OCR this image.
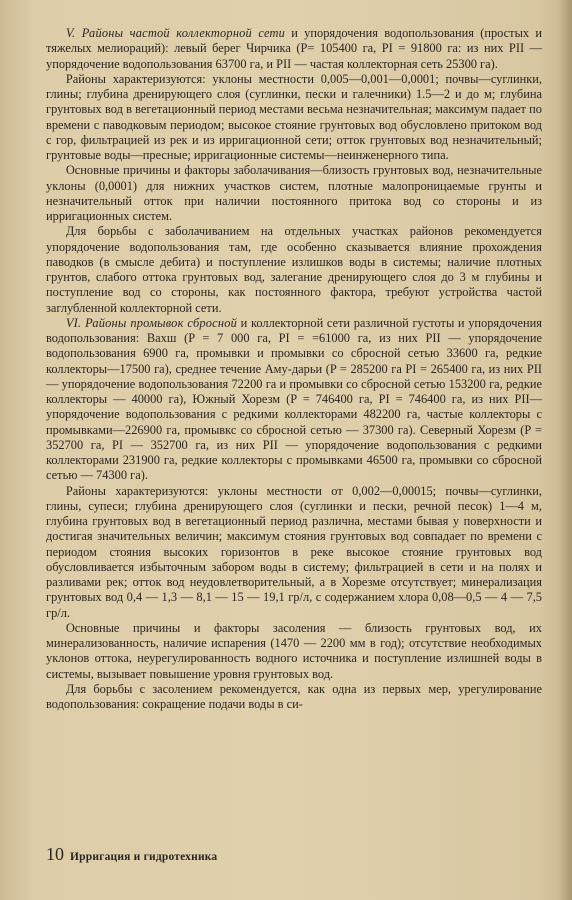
V. Районы частой коллекторной сети и упорядочения водопользования (простых и тяжелых мелиораций): левый берег Чирчика (P= 105400 га, PI = 91800 га: из них PII — упорядочение водопользования 63700 га, и PII — частая коллекторная сеть 25300 га).

Районы характеризуются: уклоны местности 0,005—0,001—0,0001; почвы—суглинки, глины; глубина дренирующего слоя (суглинки, пески и галечники) 1.5—2 и до м; глубина грунтовых вод в вегетационный период местами весьма незначительная; максимум падает по времени с паводковым периодом; высокое стояние грунтовых вод обусловлено притоком вод с гор, фильтрацией из рек и из ирригационной сети; отток грунтовых вод незначительный; грунтовые воды—пресные; ирригационные системы—неинженерного типа.

Основные причины и факторы заболачивания—близость грунтовых вод, незначительные уклоны (0,0001) для нижних участков систем, плотные малопроницаемые грунты и незначительный отток при наличии постоянного притока вод со стороны и из ирригационных систем.

Для борьбы с заболачиванием на отдельных участках районов рекомендуется упорядочение водопользования там, где особенно сказывается влияние прохождения паводков (в смысле дебита) и поступление излишков воды в системы; наличие плотных грунтов, слабого оттока грунтовых вод, залегание дренирующего слоя до 3 м глубины и поступление вод со стороны, как постоянного фактора, требуют устройства частой заглубленной коллекторной сети.

VI. Районы промывок сбросной и коллекторной сети различной густоты и упорядочения водопользования: Вахш (P = 7 000 га, PI = =61000 га, из них PII — упорядочение водопользования 6900 га, промывки и промывки со сбросной сетью 33600 га, редкие коллекторы—17500 га), среднее течение Аму-дарьи (P = 285200 га PI = 265400 га, из них PII— упорядочение водопользования 72200 га и промывки со сбросной сетью 153200 га, редкие коллекторы — 40000 га), Южный Хорезм (P = 746400 га, PI = 746400 га, из них PII— упорядочение водопользования с редкими коллекторами 482200 га, частые коллекторы с промывками—226900 га, промывкс со сбросной сетью — 37300 га). Северный Хорезм (P = 352700 га, PI — 352700 га, из них PII — упорядочение водопользования с редкими коллекторами 231900 га, редкие коллекторы с промывками 46500 га, промывки со сбросной сетью — 74300 га).

Районы характеризуются: уклоны местности от 0,002—0,00015; почвы—суглинки, глины, супеси; глубина дренирующего слоя (суглинки и пески, речной песок) 1—4 м, глубина грунтовых вод в вегетационный период различна, местами бывая у поверхности и достигая значительных величин; максимум стояния грунтовых вод совпадает по времени с периодом стояния высоких горизонтов в реке высокое стояние грунтовых вод обусловливается избыточным забором воды в систему; фильтрацией в сети и на полях и разливами рек; отток вод неудовлетворительный, а в Хорезме отсутствует; минерализация грунтовых вод 0,4 — 1,3 — 8,1 — 15 — 19,1 гр/л, с содержанием хлора 0,08—0,5 — 4 — 7,5 гр/л.

Основные причины и факторы засоления — близость грунтовых вод, их минерализованность, наличие испарения (1470 — 2200 мм в год); отсутствие необходимых уклонов оттока, неурегулированность водного источника и поступление излишней воды в системы, вызывает повышение уровня грунтовых вод.

Для борьбы с засолением рекомендуется, как одна из первых мер, урегулирование водопользования: сокращение подачи воды в си-

10 Ирригация и гидротехника
